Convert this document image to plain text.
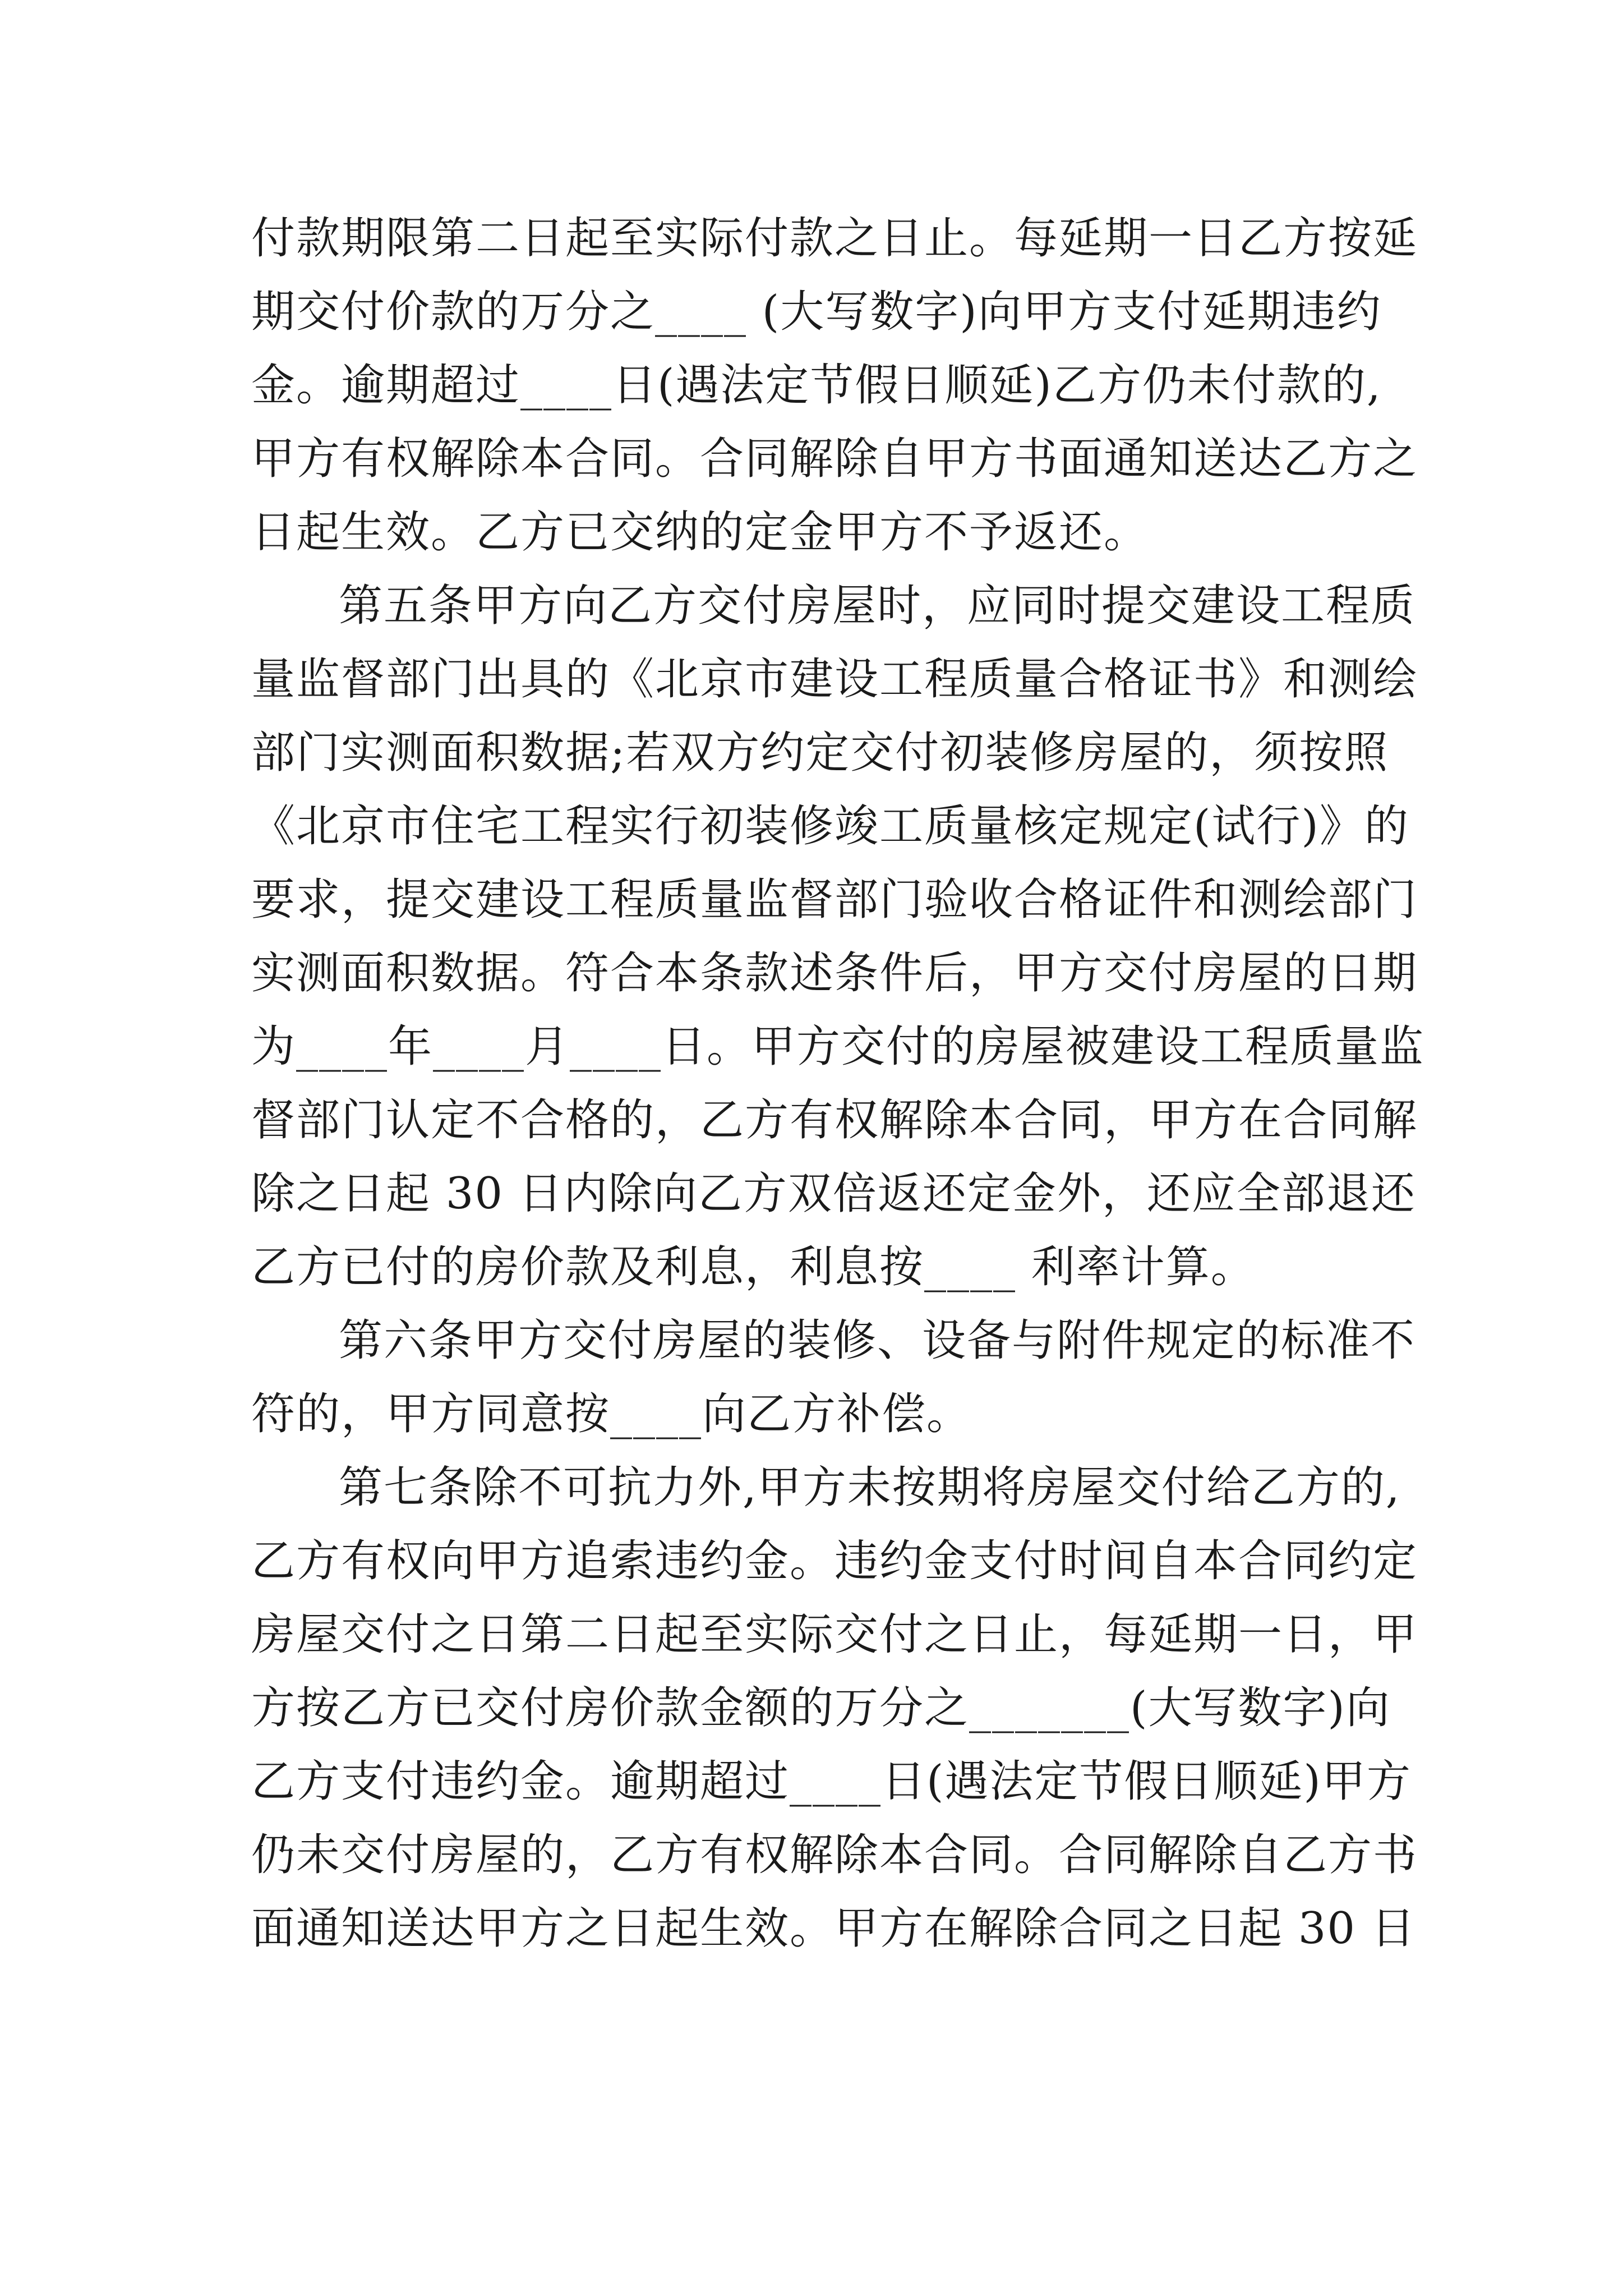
付款期限第二日起至实际付款之日止。每延期一日乙方按延
期交付价款的万分之____ (大写数字)向甲方支付延期违约
金。逾期超过____日(遇法定节假日顺延)乙方仍未付款的,
甲方有权解除本合同。合同解除自甲方书面通知送达乙方之
日起生效。乙方已交纳的定金甲方不予返还。
第五条甲方向乙方交付房屋时，应同时提交建设工程质
量监督部门出具的《北京市建设工程质量合格证书》和测绘
部门实测面积数据;若双方约定交付初装修房屋的，须按照
《北京市住宅工程实行初装修竣工质量核定规定(试行)》的
要求，提交建设工程质量监督部门验收合格证件和测绘部门
实测面积数据。符合本条款述条件后，甲方交付房屋的日期
为____年____月____日。甲方交付的房屋被建设工程质量监
督部门认定不合格的，乙方有权解除本合同，甲方在合同解
除之日起 30 日内除向乙方双倍返还定金外，还应全部退还
乙方已付的房价款及利息，利息按____ 利率计算。
第六条甲方交付房屋的装修、设备与附件规定的标准不
符的，甲方同意按____向乙方补偿。
第七条除不可抗力外,甲方未按期将房屋交付给乙方的,
乙方有权向甲方追索违约金。违约金支付时间自本合同约定
房屋交付之日第二日起至实际交付之日止，每延期一日，甲
方按乙方已交付房价款金额的万分之_______(大写数字)向
乙方支付违约金。逾期超过____日(遇法定节假日顺延)甲方
仍未交付房屋的，乙方有权解除本合同。合同解除自乙方书
面通知送达甲方之日起生效。甲方在解除合同之日起 30 日
